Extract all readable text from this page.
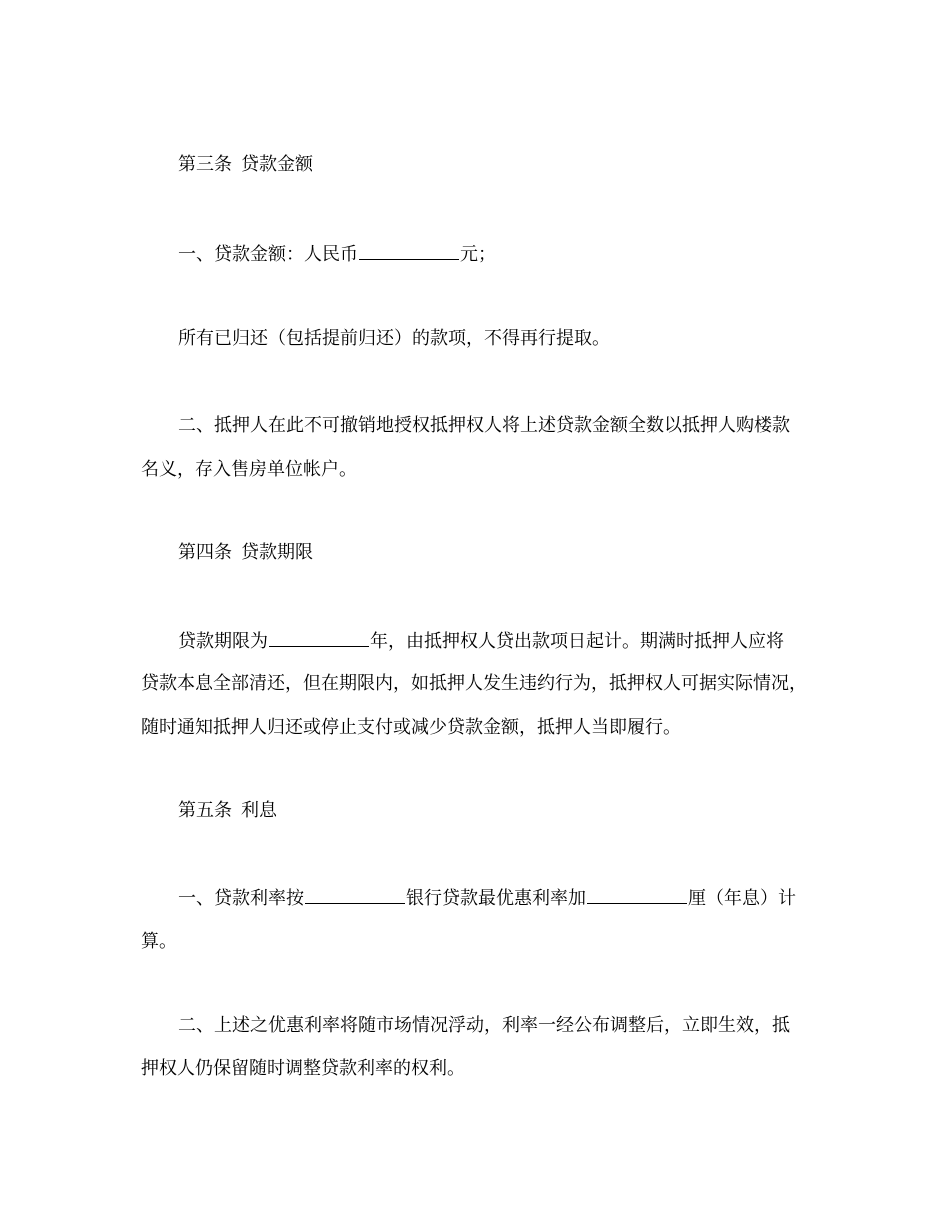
第三条 贷款金额
一、贷款金额：人民币	元；
所有已归还（包括提前归还）的款项，不得再行提取。
二、抵押人在此不可撤销地授权抵押权人将上述贷款金额全数以抵押人购楼款
名义，存入售房单位帐户。
第四条 贷款期限
贷款期限为	年，由抵押权人贷出款项日起计。期满时抵押人应将
贷款本息全部清还，但在期限内，如抵押人发生违约行为，抵押权人可据实际情况，
随时通知抵押人归还或停止支付或减少贷款金额，抵押人当即履行。
第五条 利息
一、贷款利率按	银行贷款最优惠利率加	厘（年息）计
算。
二、上述之优惠利率将随市场情况浮动，利率一经公布调整后，立即生效，抵
押权人仍保留随时调整贷款利率的权利。
